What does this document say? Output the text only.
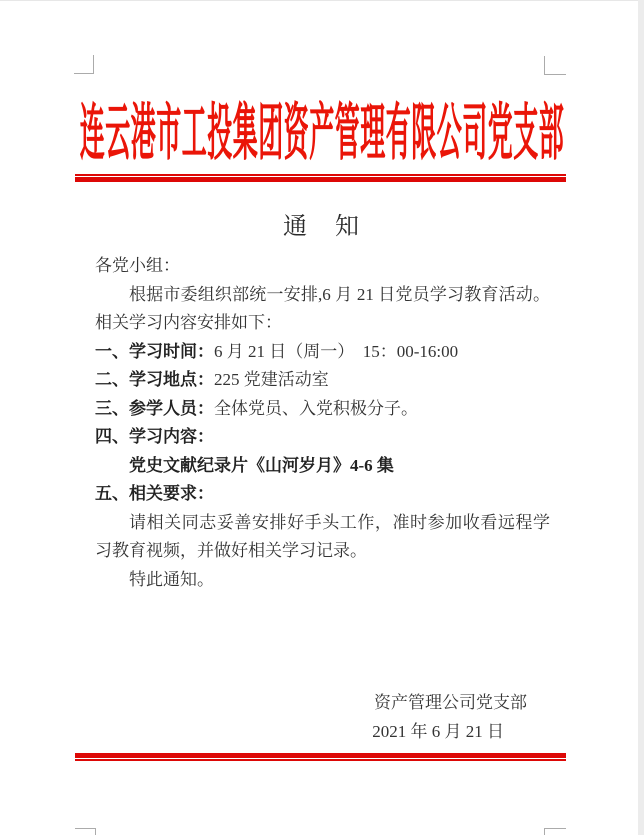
连云港市工投集团资产管理有限公司党支部
通　知

各党小组：

根据市委组织部统一安排,6 月 21 日党员学习教育活动。相关学习内容安排如下：

一、学习时间：6 月 21 日（周一）  15：00-16:00

二、学习地点：225 党建活动室

三、参学人员：全体党员、入党积极分子。

四、学习内容：

党史文献纪录片《山河岁月》4-6 集

五、相关要求：

请相关同志妥善安排好手头工作，准时参加收看远程学习教育视频，并做好相关学习记录。

特此通知。

资产管理公司党支部
2021 年 6 月 21 日
